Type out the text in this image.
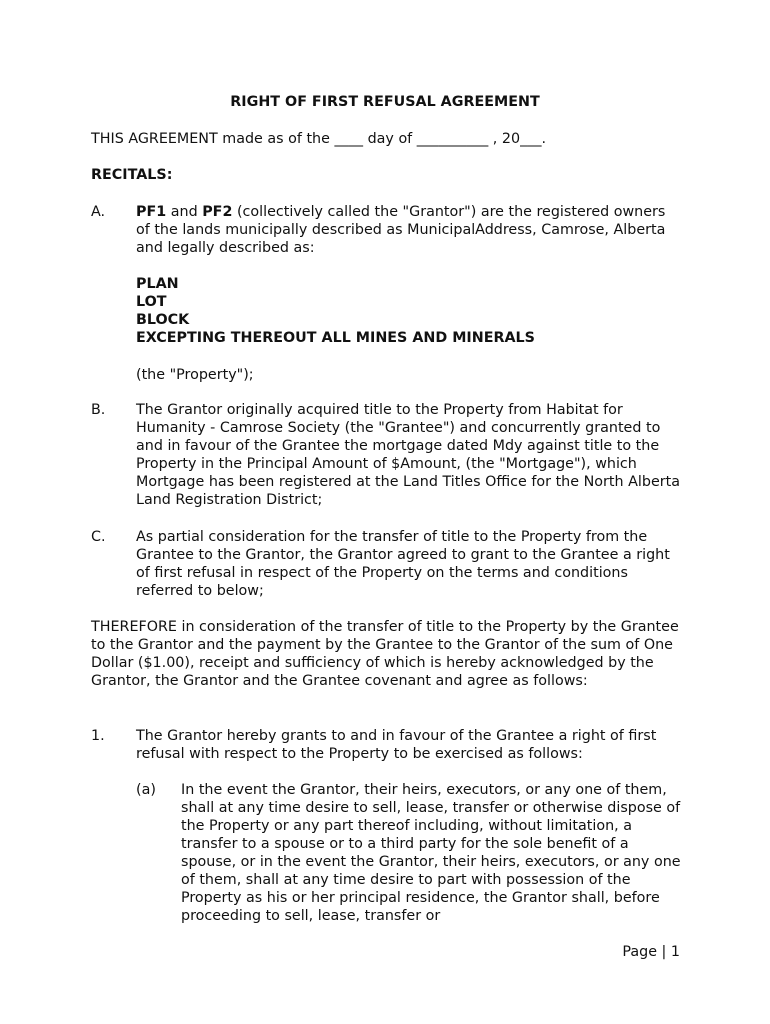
RIGHT OF FIRST REFUSAL AGREEMENT

THIS AGREEMENT made as of the ____ day of __________ , 20___.

RECITALS:

A. PF1 and PF2 (collectively called the "Grantor") are the registered owners of the lands municipally described as MunicipalAddress, Camrose, Alberta and legally described as:

PLAN

LOT

BLOCK

EXCEPTING THEREOUT ALL MINES AND MINERALS

(the "Property");

B. The Grantor originally acquired title to the Property from Habitat for Humanity - Camrose Society (the "Grantee") and concurrently granted to and in favour of the Grantee the mortgage dated Mdy against title to the Property in the Principal Amount of $Amount, (the "Mortgage"), which Mortgage has been registered at the Land Titles Office for the North Alberta Land Registration District;

C. As partial consideration for the transfer of title to the Property from the Grantee to the Grantor, the Grantor agreed to grant to the Grantee a right of first refusal in respect of the Property on the terms and conditions referred to below;

THEREFORE in consideration of the transfer of title to the Property by the Grantee to the Grantor and the payment by the Grantee to the Grantor of the sum of One Dollar ($1.00), receipt and sufficiency of which is hereby acknowledged by the Grantor, the Grantor and the Grantee covenant and agree as follows:

1. The Grantor hereby grants to and in favour of the Grantee a right of first refusal with respect to the Property to be exercised as follows:

(a) In the event the Grantor, their heirs, executors, or any one of them, shall at any time desire to sell, lease, transfer or otherwise dispose of the Property or any part thereof including, without limitation, a transfer to a spouse or to a third party for the sole benefit of a spouse, or in the event the Grantor, their heirs, executors, or any one of them, shall at any time desire to part with possession of the Property as his or her principal residence, the Grantor shall, before proceeding to sell, lease, transfer or

Page | 1
